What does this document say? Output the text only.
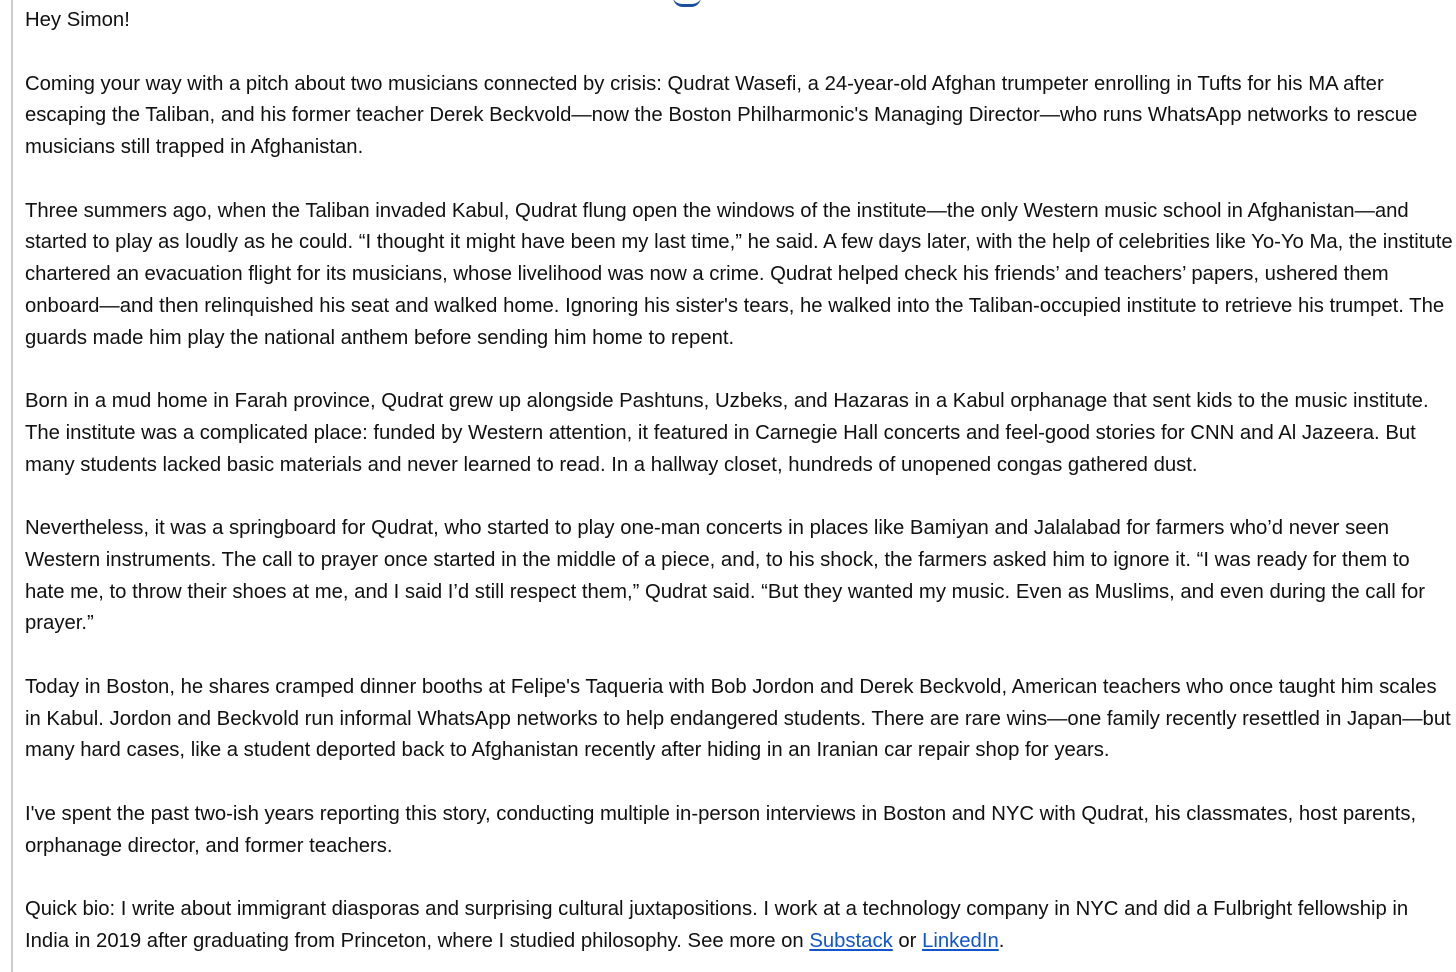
Hey Simon!

Coming your way with a pitch about two musicians connected by crisis: Qudrat Wasefi, a 24-year-old Afghan trumpeter enrolling in Tufts for his MA after escaping the Taliban, and his former teacher Derek Beckvold—now the Boston Philharmonic's Managing Director—who runs WhatsApp networks to rescue musicians still trapped in Afghanistan.

Three summers ago, when the Taliban invaded Kabul, Qudrat flung open the windows of the institute—the only Western music school in Afghanistan—and started to play as loudly as he could. “I thought it might have been my last time,” he said. A few days later, with the help of celebrities like Yo-Yo Ma, the institute chartered an evacuation flight for its musicians, whose livelihood was now a crime. Qudrat helped check his friends’ and teachers’ papers, ushered them onboard—and then relinquished his seat and walked home. Ignoring his sister's tears, he walked into the Taliban-occupied institute to retrieve his trumpet. The guards made him play the national anthem before sending him home to repent.

Born in a mud home in Farah province, Qudrat grew up alongside Pashtuns, Uzbeks, and Hazaras in a Kabul orphanage that sent kids to the music institute. The institute was a complicated place: funded by Western attention, it featured in Carnegie Hall concerts and feel-good stories for CNN and Al Jazeera. But many students lacked basic materials and never learned to read. In a hallway closet, hundreds of unopened congas gathered dust.

Nevertheless, it was a springboard for Qudrat, who started to play one-man concerts in places like Bamiyan and Jalalabad for farmers who’d never seen Western instruments. The call to prayer once started in the middle of a piece, and, to his shock, the farmers asked him to ignore it. “I was ready for them to hate me, to throw their shoes at me, and I said I’d still respect them,” Qudrat said. “But they wanted my music. Even as Muslims, and even during the call for prayer.”

Today in Boston, he shares cramped dinner booths at Felipe's Taqueria with Bob Jordon and Derek Beckvold, American teachers who once taught him scales in Kabul. Jordon and Beckvold run informal WhatsApp networks to help endangered students. There are rare wins—one family recently resettled in Japan—but many hard cases, like a student deported back to Afghanistan recently after hiding in an Iranian car repair shop for years.

I've spent the past two-ish years reporting this story, conducting multiple in-person interviews in Boston and NYC with Qudrat, his classmates, host parents, orphanage director, and former teachers.

Quick bio: I write about immigrant diasporas and surprising cultural juxtapositions. I work at a technology company in NYC and did a Fulbright fellowship in India in 2019 after graduating from Princeton, where I studied philosophy. See more on Substack or LinkedIn.
